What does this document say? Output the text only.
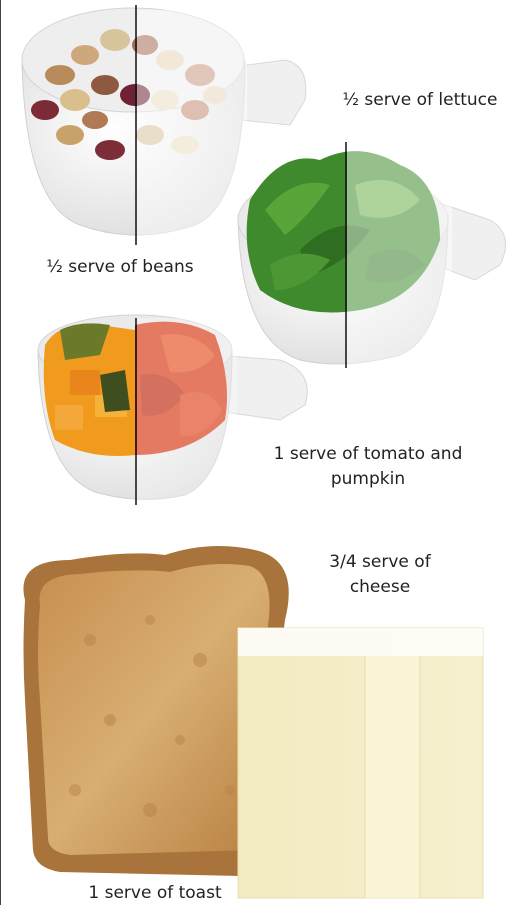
½ serve of lettuce
½ serve of beans
1 serve of tomato and
pumpkin
3/4 serve of
cheese
1 serve of toast
